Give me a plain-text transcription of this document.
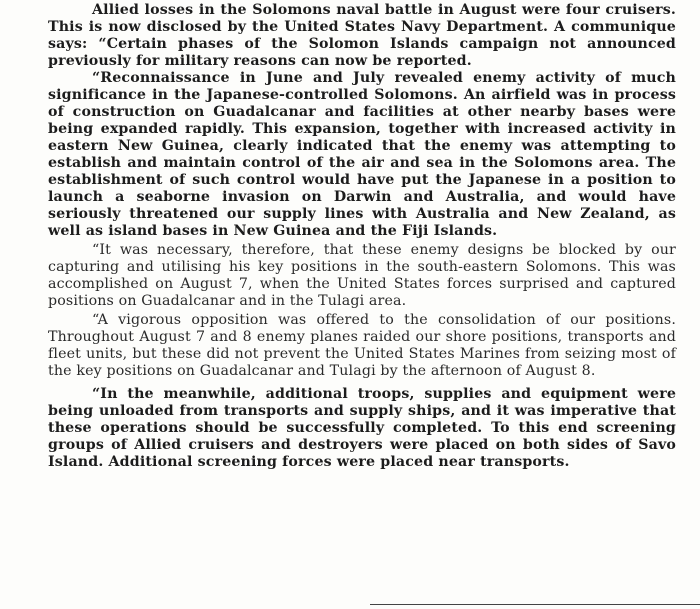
Allied losses in the Solomons naval battle in August were four cruisers. This is now disclosed by the United States Navy Department. A communique says: “Certain phases of the Solomon Islands campaign not announced previously for military reasons can now be reported.

“Reconnaissance in June and July revealed enemy activity of much significance in the Japanese-controlled Solomons. An airfield was in process of construction on Guadalcanar and facilities at other nearby bases were being expanded rapidly. This expansion, together with increased activity in eastern New Guinea, clearly indicated that the enemy was attempting to establish and maintain control of the air and sea in the Solomons area. The establishment of such control would have put the Japanese in a position to launch a seaborne invasion on Darwin and Australia, and would have seriously threatened our supply lines with Australia and New Zealand, as well as island bases in New Guinea and the Fiji Islands.

“It was necessary, therefore, that these enemy designs be blocked by our capturing and utilising his key positions in the south-eastern Solomons. This was accomplished on August 7, when the United States forces surprised and captured positions on Guadalcanar and in the Tulagi area.

“A vigorous opposition was offered to the consolidation of our positions. Throughout August 7 and 8 enemy planes raided our shore positions, transports and fleet units, but these did not prevent the United States Marines from seizing most of the key positions on Guadalcanar and Tulagi by the afternoon of August 8.

“In the meanwhile, additional troops, supplies and equipment were being unloaded from transports and supply ships, and it was imperative that these operations should be successfully completed. To this end screening groups of Allied cruisers and destroyers were placed on both sides of Savo Island. Additional screening forces were placed near transports.
